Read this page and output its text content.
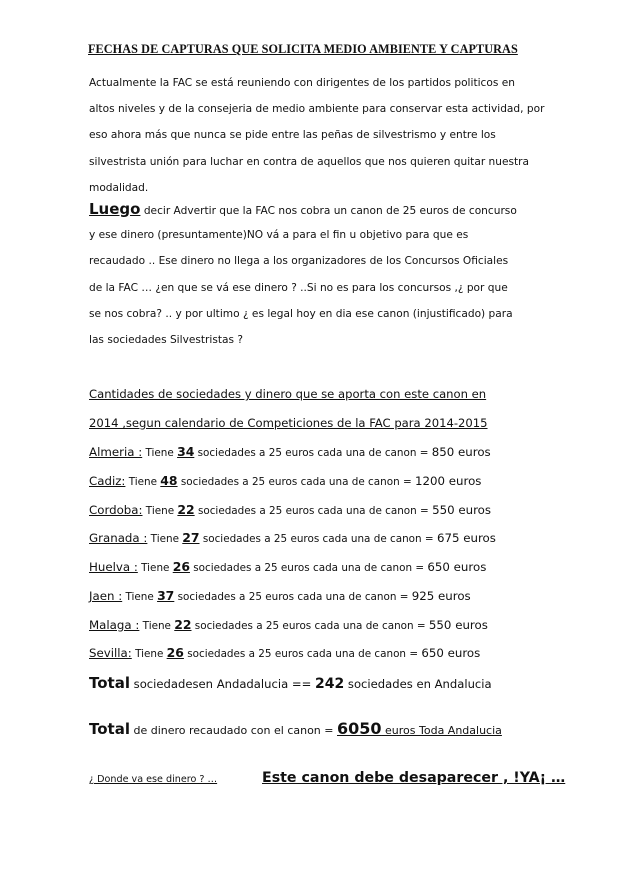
FECHAS DE CAPTURAS QUE SOLICITA MEDIO AMBIENTE Y CAPTURAS
Actualmente la FAC se está reuniendo con dirigentes de los partidos politicos en
altos niveles y de la consejeria de medio ambiente para conservar esta actividad, por
eso ahora más que nunca se pide entre las peñas de silvestrismo y entre los
silvestrista unión para luchar en contra de aquellos que nos quieren quitar nuestra
modalidad.
Luego decir Advertir que la FAC nos cobra un canon de 25 euros de concurso
y ese dinero (presuntamente)NO vá a para el fin u objetivo para que es
recaudado .. Ese dinero no llega a los organizadores de los Concursos Oficiales
de la FAC … ¿en que se vá ese dinero ? ..Si no es para los concursos ,¿ por que
se nos cobra? .. y por ultimo ¿ es legal hoy en dia ese canon (injustificado) para
las sociedades Silvestristas ?
Cantidades de sociedades y dinero que se aporta con este canon en
2014 ,segun calendario de Competiciones de la FAC para 2014-2015
Almeria : Tiene 34 sociedades a 25 euros cada una de canon = 850 euros
Cadiz: Tiene 48 sociedades a 25 euros cada una de canon = 1200 euros
Cordoba: Tiene 22 sociedades a 25 euros cada una de canon = 550 euros
Granada : Tiene 27 sociedades a 25 euros cada una de canon = 675 euros
Huelva : Tiene 26 sociedades a 25 euros cada una de canon = 650 euros
Jaen : Tiene 37 sociedades a 25 euros cada una de canon = 925 euros
Malaga : Tiene 22 sociedades a 25 euros cada una de canon = 550 euros
Sevilla: Tiene 26 sociedades a 25 euros cada una de canon = 650 euros
Total sociedadesen Andadalucia == 242 sociedades en Andalucia
Total de dinero recaudado con el canon = 6050 euros Toda Andalucia
¿ Donde va ese dinero ? …	Este canon debe desaparecer , !YA¡ …
